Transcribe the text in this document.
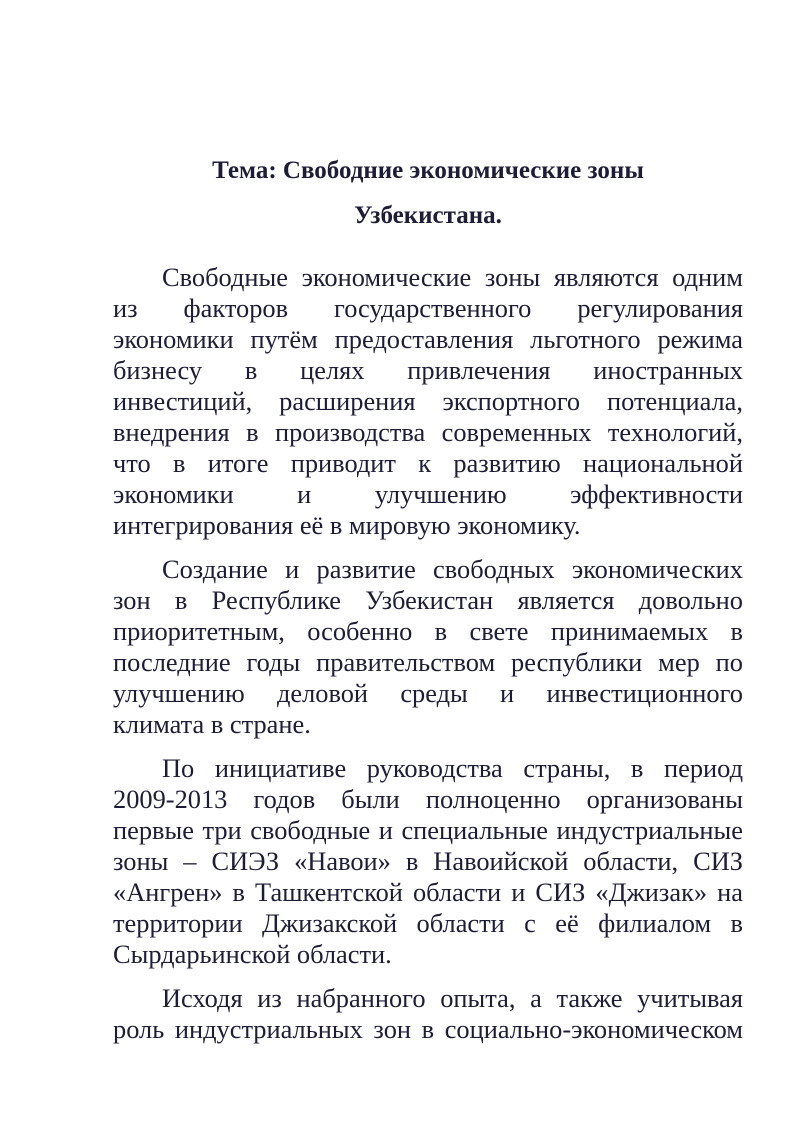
Тема: Свободние экономические зоны
Узбекистана.
Свободные экономические зоны являются одним
из факторов государственного регулирования
экономики путём предоставления льготного режима
бизнесу в целях привлечения иностранных
инвестиций, расширения экспортного потенциала,
внедрения в производства современных технологий,
что в итоге приводит к развитию национальной
экономики и улучшению эффективности
интегрирования её в мировую экономику.
Создание и развитие свободных экономических
зон в Республике Узбекистан является довольно
приоритетным, особенно в свете принимаемых в
последние годы правительством республики мер по
улучшению деловой среды и инвестиционного
климата в стране.
По инициативе руководства страны, в период
2009-2013 годов были полноценно организованы
первые три свободные и специальные индустриальные
зоны – СИЭЗ «Навои» в Навоийской области, СИЗ
«Ангрен» в Ташкентской области и СИЗ «Джизак» на
территории Джизакской области с её филиалом в
Сырдарьинской области.
Исходя из набранного опыта, а также учитывая
роль индустриальных зон в социально-экономическом
